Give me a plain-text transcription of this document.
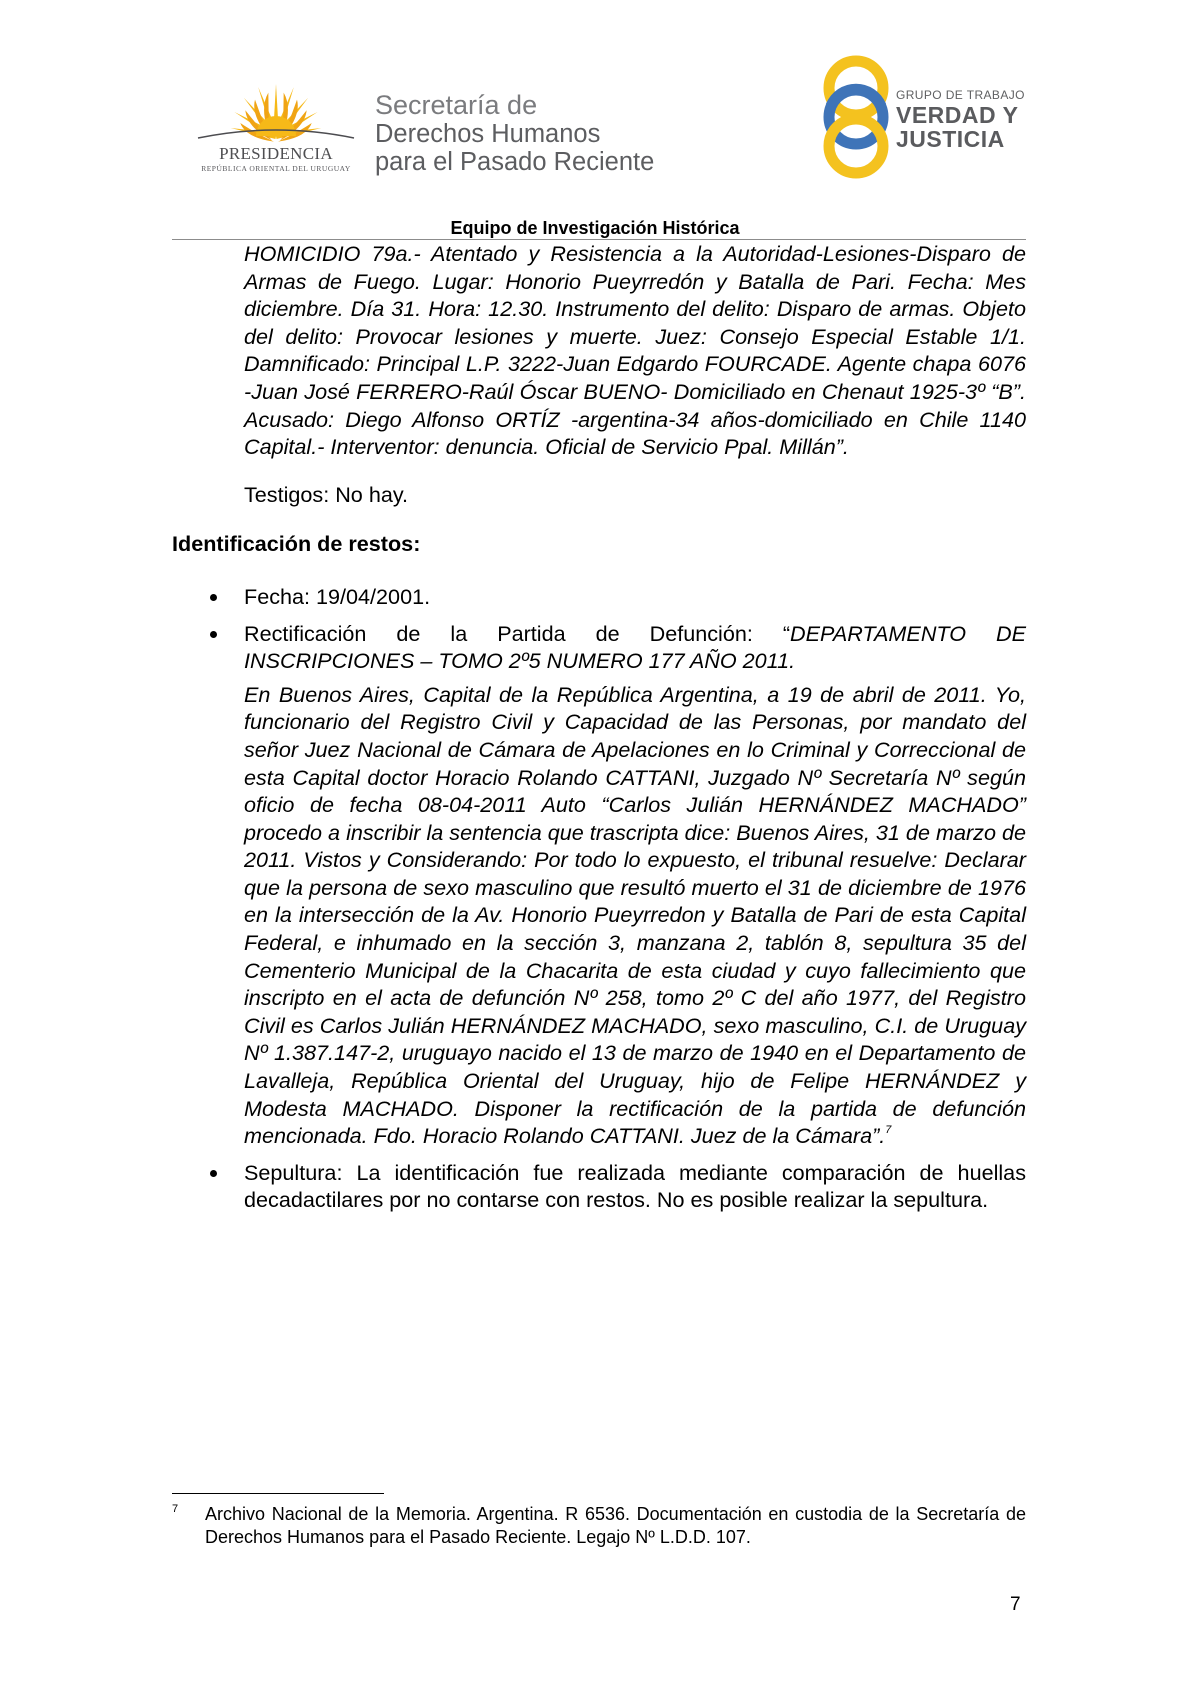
PRESIDENCIA
REPÚBLICA ORIENTAL DEL URUGUAY
Secretaría de
Derechos Humanos
para el Pasado Reciente
GRUPO DE TRABAJO
VERDAD Y
JUSTICIA
Equipo de Investigación Histórica

HOMICIDIO 79a.- Atentado y Resistencia a la Autoridad-Lesiones-Disparo de Armas de Fuego. Lugar: Honorio Pueyrredón y Batalla de Pari. Fecha: Mes diciembre. Día 31. Hora: 12.30. Instrumento del delito: Disparo de armas. Objeto del delito: Provocar lesiones y muerte. Juez: Consejo Especial Estable 1/1. Damnificado: Principal L.P. 3222-Juan Edgardo FOURCADE. Agente chapa 6076 -Juan José FERRERO-Raúl Óscar BUENO- Domiciliado en Chenaut 1925-3º “B”. Acusado: Diego Alfonso ORTÍZ -argentina-34 años-domiciliado en Chile 1140 Capital.- Interventor: denuncia. Oficial de Servicio Ppal. Millán”.

Testigos: No hay.

Identificación de restos:

Fecha: 19/04/2001.
Rectificación de la Partida de Defunción: “DEPARTAMENTO DE INSCRIPCIONES – TOMO 2º5 NUMERO 177 AÑO 2011.
En Buenos Aires, Capital de la República Argentina, a 19 de abril de 2011. Yo, funcionario del Registro Civil y Capacidad de las Personas, por mandato del señor Juez Nacional de Cámara de Apelaciones en lo Criminal y Correccional de esta Capital doctor Horacio Rolando CATTANI, Juzgado Nº Secretaría Nº según oficio de fecha 08-04-2011 Auto “Carlos Julián HERNÁNDEZ MACHADO” procedo a inscribir la sentencia que trascripta dice: Buenos Aires, 31 de marzo de 2011. Vistos y Considerando: Por todo lo expuesto, el tribunal resuelve: Declarar que la persona de sexo masculino que resultó muerto el 31 de diciembre de 1976 en la intersección de la Av. Honorio Pueyrredon y Batalla de Pari de esta Capital Federal, e inhumado en la sección 3, manzana 2, tablón 8, sepultura 35 del Cementerio Municipal de la Chacarita de esta ciudad y cuyo fallecimiento que inscripto en el acta de defunción Nº 258, tomo 2º C del año 1977, del Registro Civil es Carlos Julián HERNÁNDEZ MACHADO, sexo masculino, C.I. de Uruguay Nº 1.387.147-2, uruguayo nacido el 13 de marzo de 1940 en el Departamento de Lavalleja, República Oriental del Uruguay, hijo de Felipe HERNÁNDEZ y Modesta MACHADO. Disponer la rectificación de la partida de defunción mencionada. Fdo. Horacio Rolando CATTANI. Juez de la Cámara”.$^7$
Sepultura: La identificación fue realizada mediante comparación de huellas decadactilares por no contarse con restos. No es posible realizar la sepultura.
7 Archivo Nacional de la Memoria. Argentina. R 6536. Documentación en custodia de la Secretaría de Derechos Humanos para el Pasado Reciente. Legajo Nº L.D.D. 107.
7
